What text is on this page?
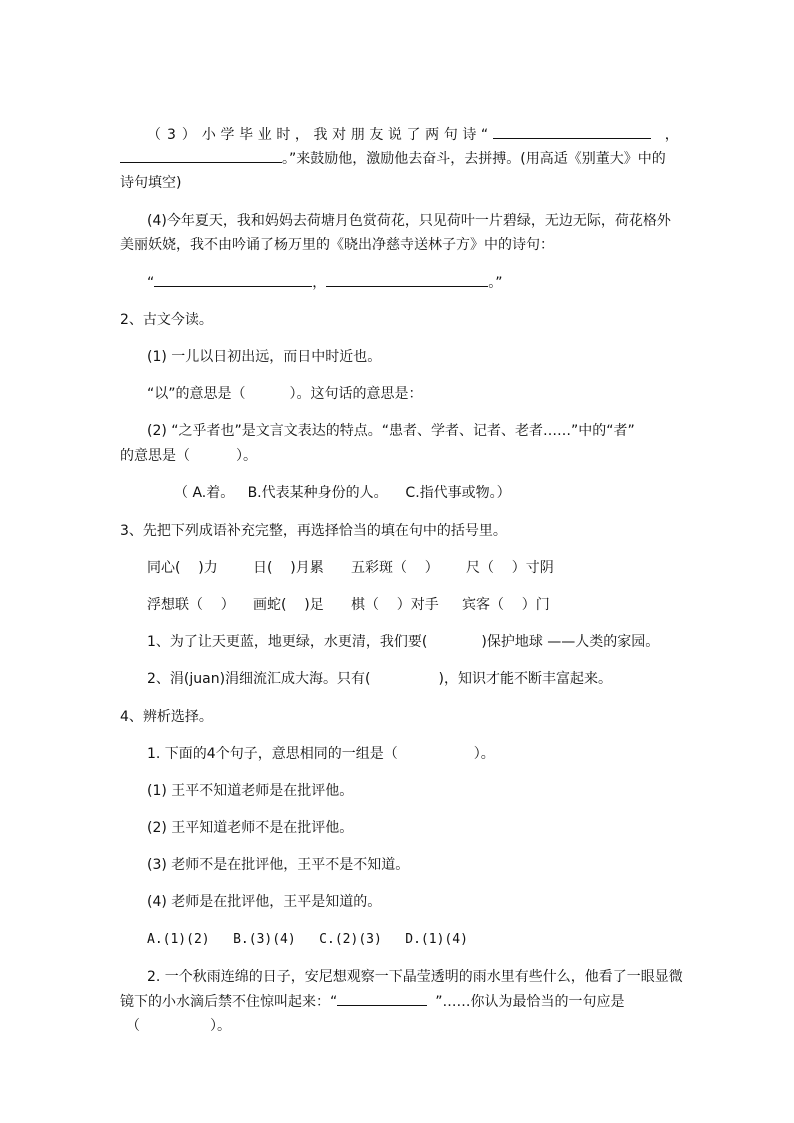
（3）小学毕业时，我对朋友说了两句诗“	，
。”来鼓励他，激励他去奋斗，去拼搏。(用高适《别董大》中的
诗句填空)
(4)今年夏天，我和妈妈去荷塘月色赏荷花，只见荷叶一片碧绿，无边无际，荷花格外
美丽妖娆，我不由吟诵了杨万里的《晓出净慈寺送林子方》中的诗句：
“	，	。”
2、古文今读。
(1) 一儿以日初出远，而日中时近也。
“以”的意思是（	）。这句话的意思是：
(2) “之乎者也”是文言文表达的特点。“患者、学者、记者、老者……”中的“者”
的意思是（	）。
（ A.着。   B.代表某种身份的人。    C.指代事或物。）
3、先把下列成语补充完整，再选择恰当的填在句中的括号里。
同心(    )力	日(    )月累 五彩斑（    ） 尺（    ）寸阴
浮想联（    ） 画蛇(    )足 棋（    ）对手 宾客（    ）门
1、为了让天更蓝，地更绿，水更清，我们要(	)保护地球 ——人类的家园。
2、涓(juan)涓细流汇成大海。只有(	)，知识才能不断丰富起来。
4、辨析选择。
1. 下面的4个句子，意思相同的一组是（	）。
(1) 王平不知道老师是在批评他。
(2) 王平知道老师不是在批评他。
(3) 老师不是在批评他，王平不是不知道。
(4) 老师是在批评他，王平是知道的。
A.(1)(2)   B.(3)(4)   C.(2)(3)   D.(1)(4)
2. 一个秋雨连绵的日子，安尼想观察一下晶莹透明的雨水里有些什么，他看了一眼显微
镜下的小水滴后禁不住惊叫起来：“	”……你认为最恰当的一句应是
（	）。
